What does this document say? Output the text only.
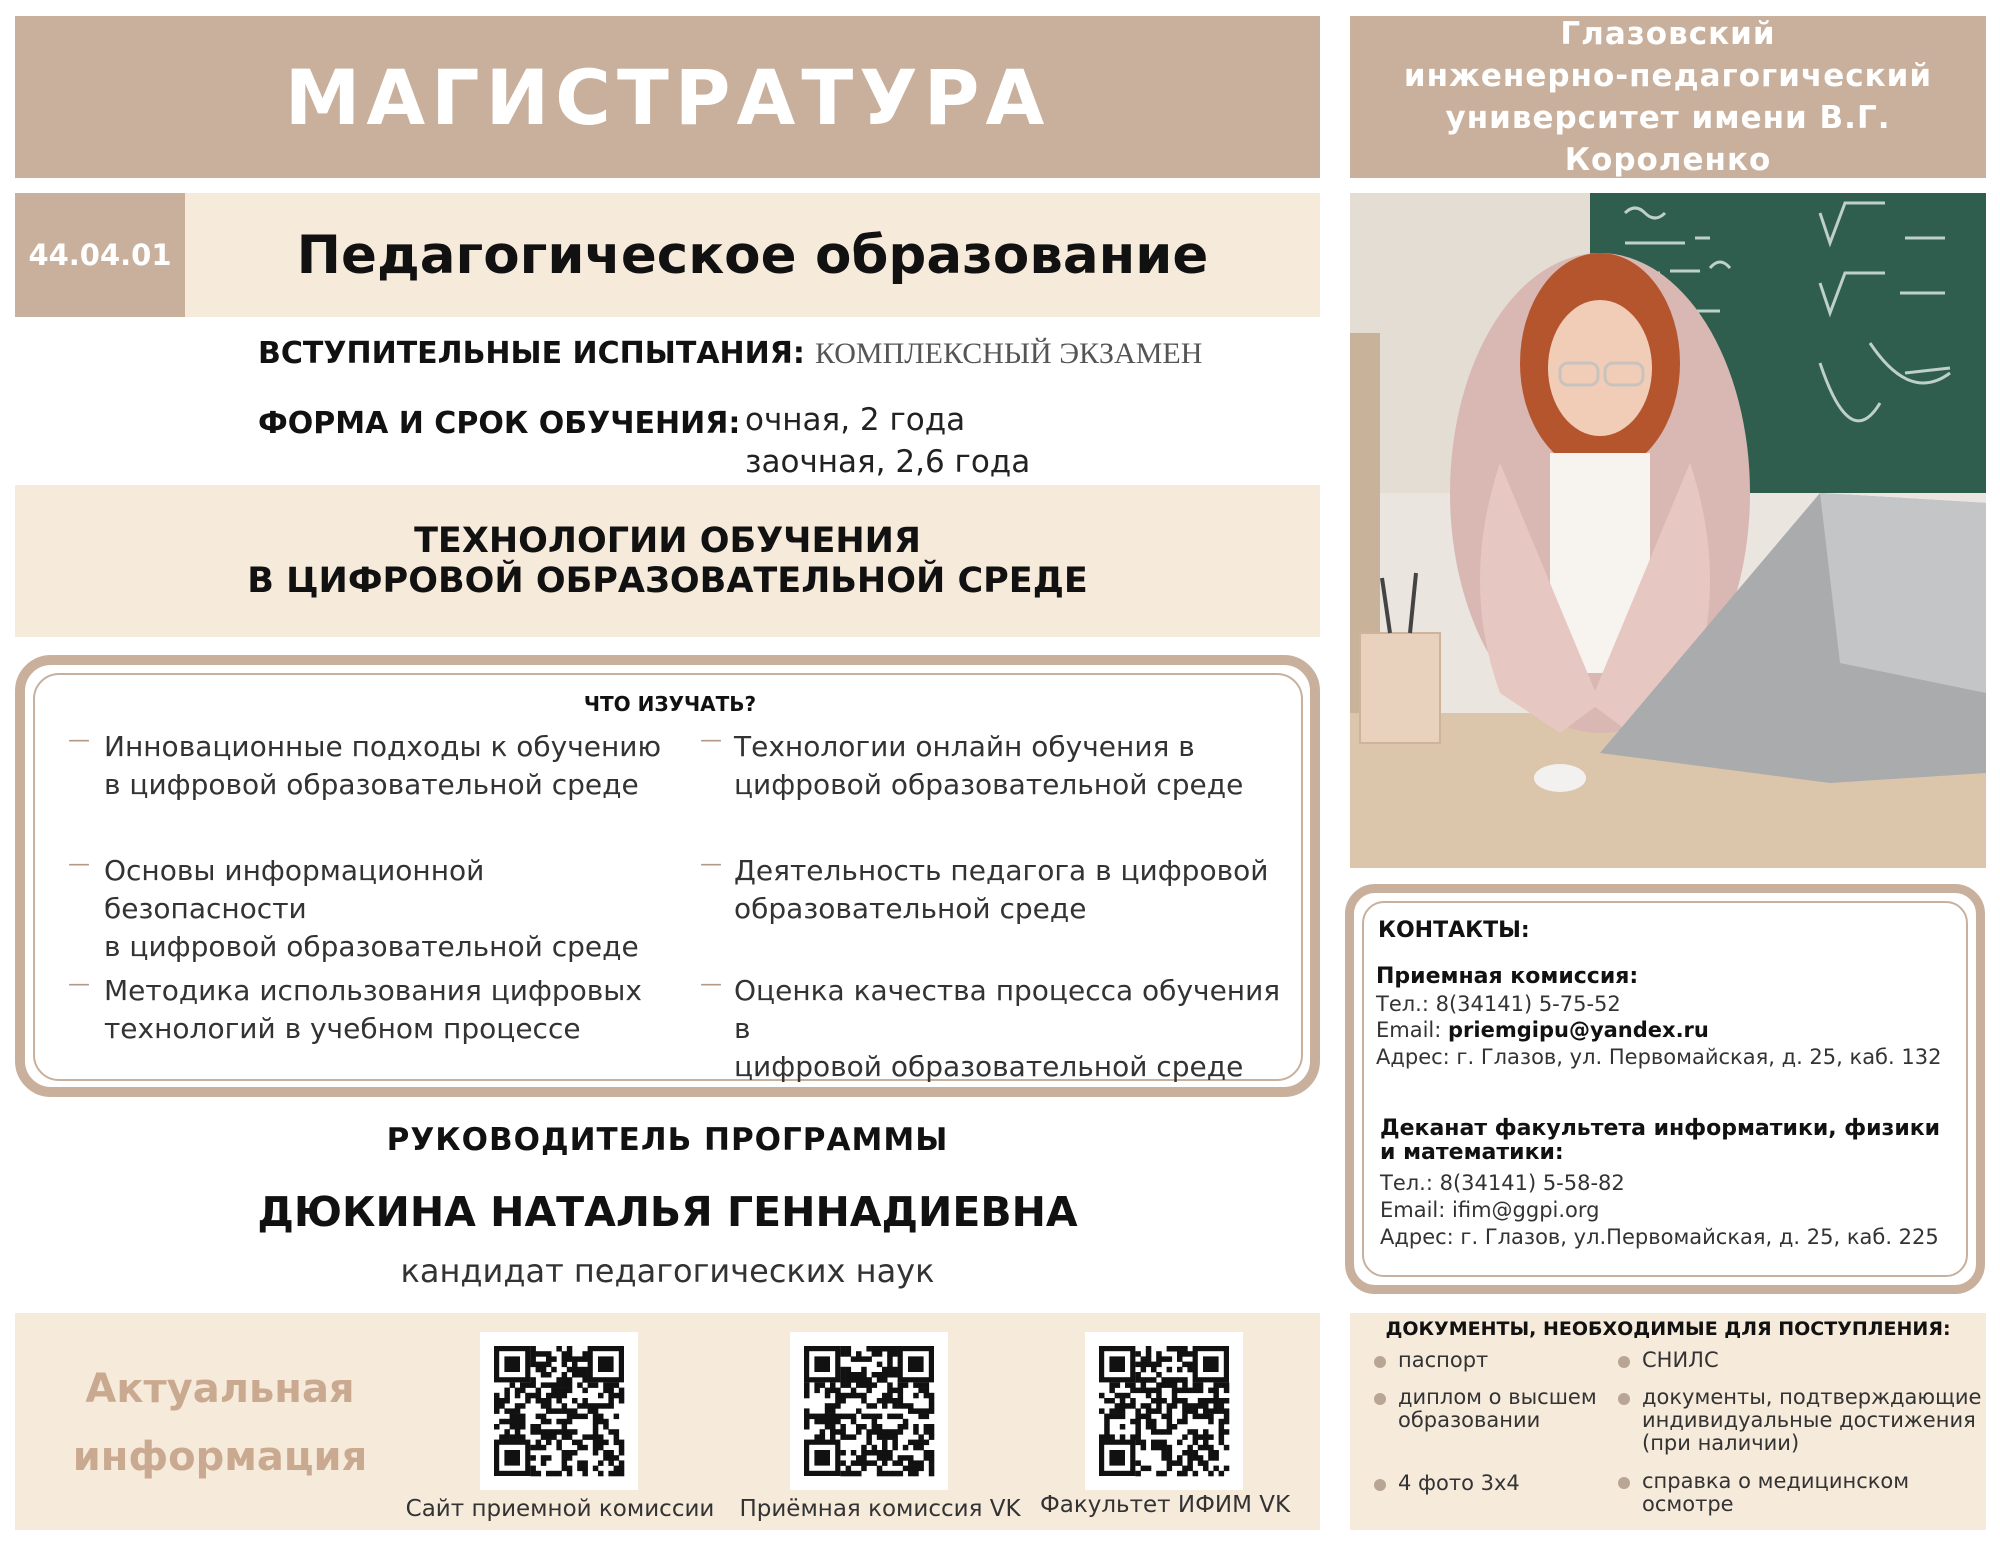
МАГИСТРАТУРА
Глазовский
инженерно-педагогический
университет имени В.Г. Короленко
44.04.01 Педагогическое образование
ВСТУПИТЕЛЬНЫЕ ИСПЫТАНИЯ: КОМПЛЕКСНЫЙ ЭКЗАМЕН
ФОРМА И СРОК ОБУЧЕНИЯ: очная, 2 года
заочная, 2,6 года
ТЕХНОЛОГИИ ОБУЧЕНИЯ
В ЦИФРОВОЙ ОБРАЗОВАТЕЛЬНОЙ СРЕДЕ
ЧТО ИЗУЧАТЬ?
— Инновационные подходы к обучению
в цифровой образовательной среде
— Технологии онлайн обучения в
цифровой образовательной среде
— Основы информационной безопасности
в цифровой образовательной среде
— Деятельность педагога в цифровой
образовательной среде
— Методика использования цифровых
технологий в учебном процессе
— Оценка качества процесса обучения в
цифровой образовательной среде
РУКОВОДИТЕЛЬ ПРОГРАММЫ
ДЮКИНА НАТАЛЬЯ ГЕННАДИЕВНА
кандидат педагогических наук
Актуальная
информация
Сайт приемной комиссии	Приёмная комиссия VK Факультет ИФИМ VK
КОНТАКТЫ:
Приемная комиссия:
Тел.: 8(34141) 5-75-52
Email: priemgipu@yandex.ru
Адрес: г. Глазов, ул. Первомайская, д. 25, каб. 132
Деканат факультета информатики, физики
и математики:
Тел.: 8(34141) 5-58-82
Email: ifim@ggpi.org
Адрес: г. Глазов, ул.Первомайская, д. 25, каб. 225
ДОКУМЕНТЫ, НЕОБХОДИМЫЕ ДЛЯ ПОСТУПЛЕНИЯ:
паспорт
диплом о высшем
образовании
4 фото 3х4
СНИЛС
документы, подтверждающие
индивидуальные достижения
(при наличии)
справка о медицинском
осмотре
